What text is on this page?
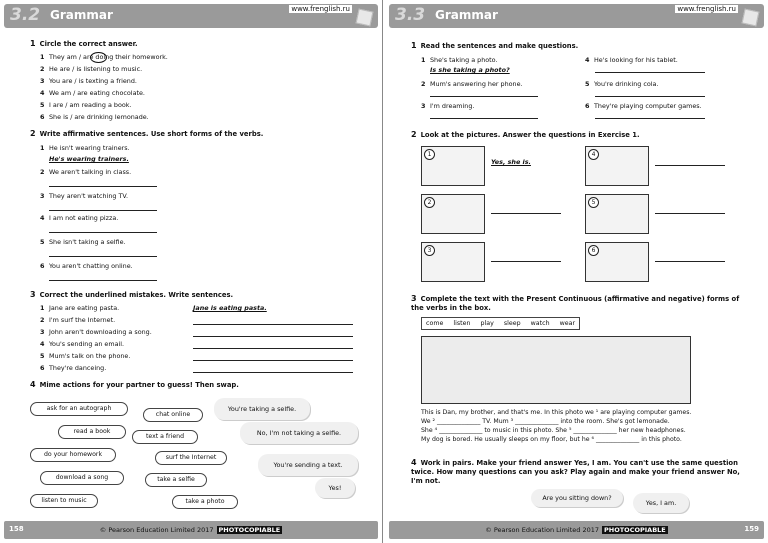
3.2 Grammar	www.frenglish.ru
1 Circle the correct answer.
1 They am / are doing their homework.
2 He are / is listening to music.
3 You are / is texting a friend.
4 We am / are eating chocolate.
5 I are / am reading a book.
6 She is / are drinking lemonade.
2 Write affirmative sentences. Use short forms of the verbs.
1 He isn't wearing trainers.
He's wearing trainers.
2 We aren't talking in class.
3 They aren't watching TV.
4 I am not eating pizza.
5 She isn't taking a selfie.
6 You aren't chatting online.
3 Correct the underlined mistakes. Write sentences.
1 Jane are eating pasta.	Jane is eating pasta.
2 I'm surf the Internet.
3 John aren't downloading a song.
4 You's sending an email.
5 Mum's talk on the phone.
6 They're danceing.
4 Mime actions for your partner to guess! Then swap.
ask for an autograph
chat online
read a book
text a friend
do your homework	surf the Internet
download a song	take a selfie
listen to music	take a photo
You're taking a selfie.
No, I'm not taking a selfie.
You're sending a text.
Yes!
158	© Pearson Education Limited 2017 PHOTOCOPIABLE
3.3 Grammar	www.frenglish.ru
1 Read the sentences and make questions.
1 She's taking a photo.
Is she taking a photo?
2 Mum's answering her phone.
3 I'm dreaming.
4 He's looking for his tablet.
5 You're drinking cola.
6 They're playing computer games.
2 Look at the pictures. Answer the questions in Exercise 1.
1
Yes, she is.
2
3
4
5
6
3 Complete the text with the Present Continuous (affirmative and negative) forms of the verbs in the box.
come listen play sleep watch wear
This is Dan, my brother, and that's me. In this photo we ¹ are playing computer games.
We ² ______________ TV. Mum ³ ______________ into the room. She's got lemonade.
She ⁴ ______________ to music in this photo. She ⁵ ______________ her new headphones.
My dog is bored. He usually sleeps on my floor, but he ⁶ ______________ in this photo.
4 Work in pairs. Make your friend answer Yes, I am. You can't use the same question twice. How many questions can you ask? Play again and make your friend answer No, I'm not.
Are you sitting down?
Yes, I am.
159
© Pearson Education Limited 2017 PHOTOCOPIABLE
